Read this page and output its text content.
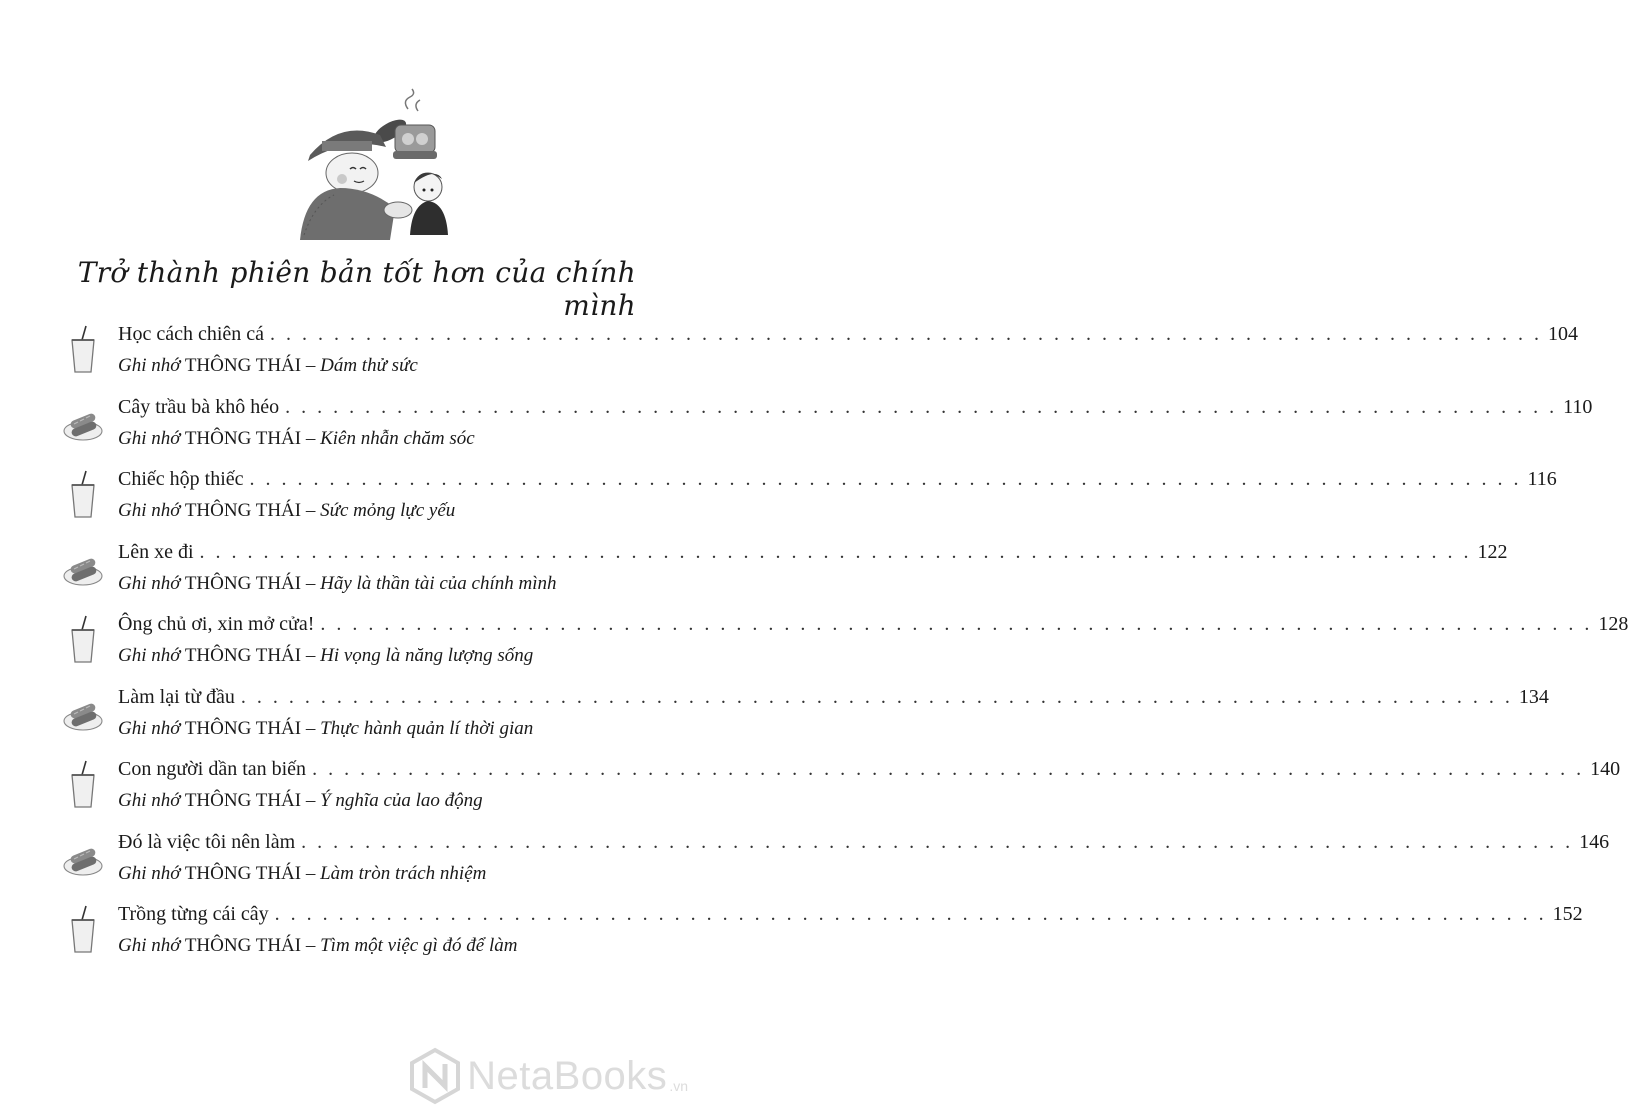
Trở thành phiên bản tốt hơn của chính mình
Học cách chiên cá . . . . . . . . . . . . . . . . . . . . . . . . . . . . . . . . . . . . . . . . . . . . . . . . . . . . . . . . . . . . . . . . . . . . . . . . . . . . . . . . 104
Ghi nhớ THÔNG THÁI – Dám thử sức
Cây trầu bà khô héo . . . . . . . . . . . . . . . . . . . . . . . . . . . . . . . . . . . . . . . . . . . . . . . . . . . . . . . . . . . . . . . . . . . . . . . . . . . . . . . . 110
Ghi nhớ THÔNG THÁI – Kiên nhẫn chăm sóc
Chiếc hộp thiếc . . . . . . . . . . . . . . . . . . . . . . . . . . . . . . . . . . . . . . . . . . . . . . . . . . . . . . . . . . . . . . . . . . . . . . . . . . . . . . . . 116
Ghi nhớ THÔNG THÁI – Sức mỏng lực yếu
Lên xe đi . . . . . . . . . . . . . . . . . . . . . . . . . . . . . . . . . . . . . . . . . . . . . . . . . . . . . . . . . . . . . . . . . . . . . . . . . . . . . . . . 122
Ghi nhớ THÔNG THÁI – Hãy là thần tài của chính mình
Ông chủ ơi, xin mở cửa! . . . . . . . . . . . . . . . . . . . . . . . . . . . . . . . . . . . . . . . . . . . . . . . . . . . . . . . . . . . . . . . . . . . . . . . . . . . . . . . . 128
Ghi nhớ THÔNG THÁI – Hi vọng là năng lượng sống
Làm lại từ đầu . . . . . . . . . . . . . . . . . . . . . . . . . . . . . . . . . . . . . . . . . . . . . . . . . . . . . . . . . . . . . . . . . . . . . . . . . . . . . . . . 134
Ghi nhớ THÔNG THÁI – Thực hành quản lí thời gian
Con người dần tan biến . . . . . . . . . . . . . . . . . . . . . . . . . . . . . . . . . . . . . . . . . . . . . . . . . . . . . . . . . . . . . . . . . . . . . . . . . . . . . . . . 140
Ghi nhớ THÔNG THÁI – Ý nghĩa của lao động
Đó là việc tôi nên làm . . . . . . . . . . . . . . . . . . . . . . . . . . . . . . . . . . . . . . . . . . . . . . . . . . . . . . . . . . . . . . . . . . . . . . . . . . . . . . . . 146
Ghi nhớ THÔNG THÁI – Làm tròn trách nhiệm
Trồng từng cái cây . . . . . . . . . . . . . . . . . . . . . . . . . . . . . . . . . . . . . . . . . . . . . . . . . . . . . . . . . . . . . . . . . . . . . . . . . . . . . . . . 152
Ghi nhớ THÔNG THÁI – Tìm một việc gì đó để làm
NetaBooks .vn
